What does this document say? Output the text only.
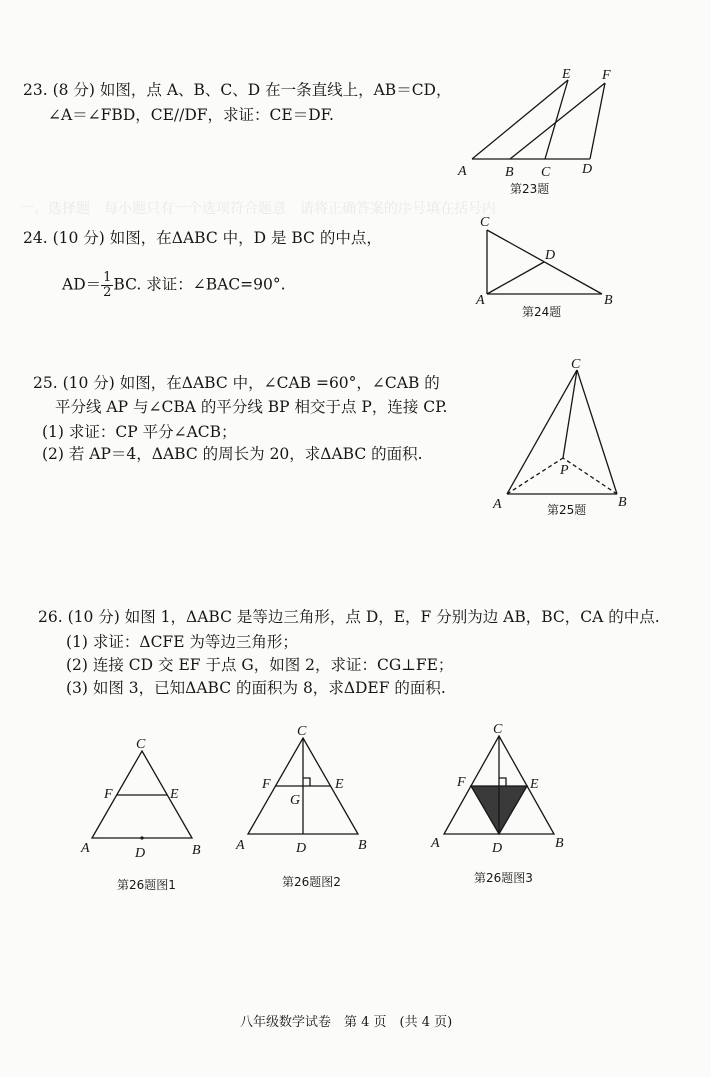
一、选择题　每小题只有一个选项符合题意　请将正确答案的序号填在括号内

23. (8 分) 如图，点 A、B、C、D 在一条直线上，AB＝CD，
∠A＝∠FBD，CE//DF，求证：CE＝DF.
A	B C D
E F
第23题
24. (10 分) 如图，在ΔABC 中，D 是 BC 的中点，
$AD= \frac{1}{2}$ BC. 求证：∠BAC=90°.
C
A	B
D
第24题
25. (10 分) 如图，在ΔABC 中，∠CAB =60°，∠CAB 的
平分线 AP 与∠CBA 的平分线 BP 相交于点 P，连接 CP.
(1) 求证：CP 平分∠ACB；
(2) 若 AP＝4，ΔABC 的周长为 20，求ΔABC 的面积.
C
P
A	B
第25题
26. (10 分) 如图 1，ΔABC 是等边三角形，点 D，E，F 分别为边 AB，BC，CA 的中点.
(1) 求证：ΔCFE 为等边三角形；
(2) 连接 CD 交 EF 于点 G，如图 2，求证：CG⊥FE；
(3) 如图 3，已知ΔABC 的面积为 8，求ΔDEF 的面积.
C
F	E
A	D	B
第26题图1
C
F	E
G
A	D	B
第26题图2
C
F	E
A	D	B
第26题图3
八年级数学试卷　第 4 页　(共 4 页)
